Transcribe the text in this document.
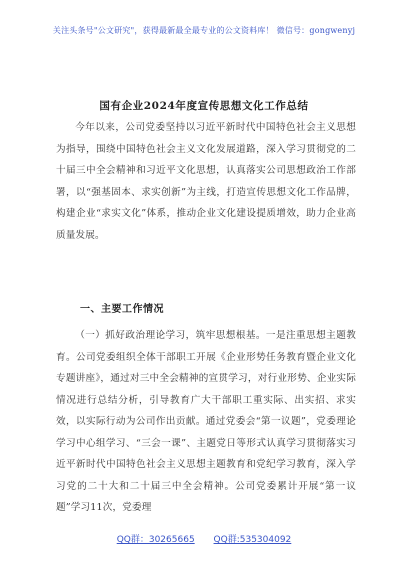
关注头条号"公文研究"，获得最新最全最专业的公文资料库！ 微信号：gongwenyj
国有企业2024年度宣传思想文化工作总结
今年以来，公司党委坚持以习近平新时代中国特色社会主义思想为指导，围绕中国特色社会主义文化发展道路，深入学习贯彻党的二十届三中全会精神和习近平文化思想，认真落实公司思想政治工作部署，以“强基固本、求实创新”为主线，打造宣传思想文化工作品牌，构建企业“求实文化”体系，推动企业文化建设提质增效，助力企业高质量发展。
一、主要工作情况
（一）抓好政治理论学习，筑牢思想根基。一是注重思想主题教育。公司党委组织全体干部职工开展《企业形势任务教育暨企业文化专题讲座》，通过对三中全会精神的宣贯学习，对行业形势、企业实际情况进行总结分析，引导教育广大干部职工重实际、出实招、求实效，以实际行动为公司作出贡献。通过党委会“第一议题”，党委理论学习中心组学习、“三会一课”、主题党日等形式认真学习贯彻落实习近平新时代中国特色社会主义思想主题教育和党纪学习教育，深入学习党的二十大和二十届三中全会精神。公司党委累计开展“第一议题”学习11次，党委理
QQ群：30265665 QQ群:535304092
